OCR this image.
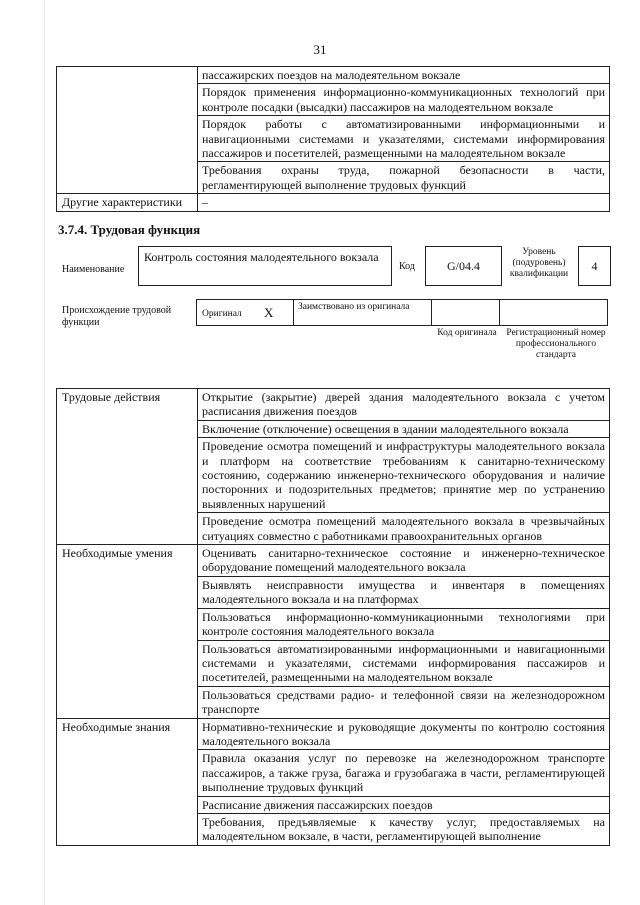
31
	пассажирских поездов на малодеятельном вокзале
	Порядок применения информационно-коммуникационных технологий при контроле посадки (высадки) пассажиров на малодеятельном вокзале
	Порядок работы с автоматизированными информационными и навигационными системами и указателями, системами информирования пассажиров и посетителей, размещенными на малодеятельном вокзале
	Требования охраны труда, пожарной безопасности в части, регламентирующей выполнение трудовых функций
Другие характеристики	–
3.7.4. Трудовая функция
Наименование
Контроль состояния малодеятельного вокзала
Код	G/04.4
Уровень (подуровень) квалификации
4
Происхождение трудовой функции
Оригинал X	Заимствовано из оригинала
Код оригинала	Регистрационный номер профессионального стандарта
Трудовые действия	Открытие (закрытие) дверей здания малодеятельного вокзала с учетом расписания движения поездов
	Включение (отключение) освещения в здании малодеятельного вокзала
	Проведение осмотра помещений и инфраструктуры малодеятельного вокзала и платформ на соответствие требованиям к санитарно-техническому состоянию, содержанию инженерно-технического оборудования и наличие посторонних и подозрительных предметов; принятие мер по устранению выявленных нарушений
	Проведение осмотра помещений малодеятельного вокзала в чрезвычайных ситуациях совместно с работниками правоохранительных органов
Необходимые умения	Оценивать санитарно-техническое состояние и инженерно-техническое оборудование помещений малодеятельного вокзала
	Выявлять неисправности имущества и инвентаря в помещениях малодеятельного вокзала и на платформах
	Пользоваться информационно-коммуникационными технологиями при контроле состояния малодеятельного вокзала
	Пользоваться автоматизированными информационными и навигационными системами и указателями, системами информирования пассажиров и посетителей, размещенными на малодеятельном вокзале
	Пользоваться средствами радио- и телефонной связи на железнодорожном транспорте
Необходимые знания	Нормативно-технические и руководящие документы по контролю состояния малодеятельного вокзала
	Правила оказания услуг по перевозке на железнодорожном транспорте пассажиров, а также груза, багажа и грузобагажа в части, регламентирующей выполнение трудовых функций
	Расписание движения пассажирских поездов
	Требования, предъявляемые к качеству услуг, предоставляемых на малодеятельном вокзале, в части, регламентирующей выполнение
